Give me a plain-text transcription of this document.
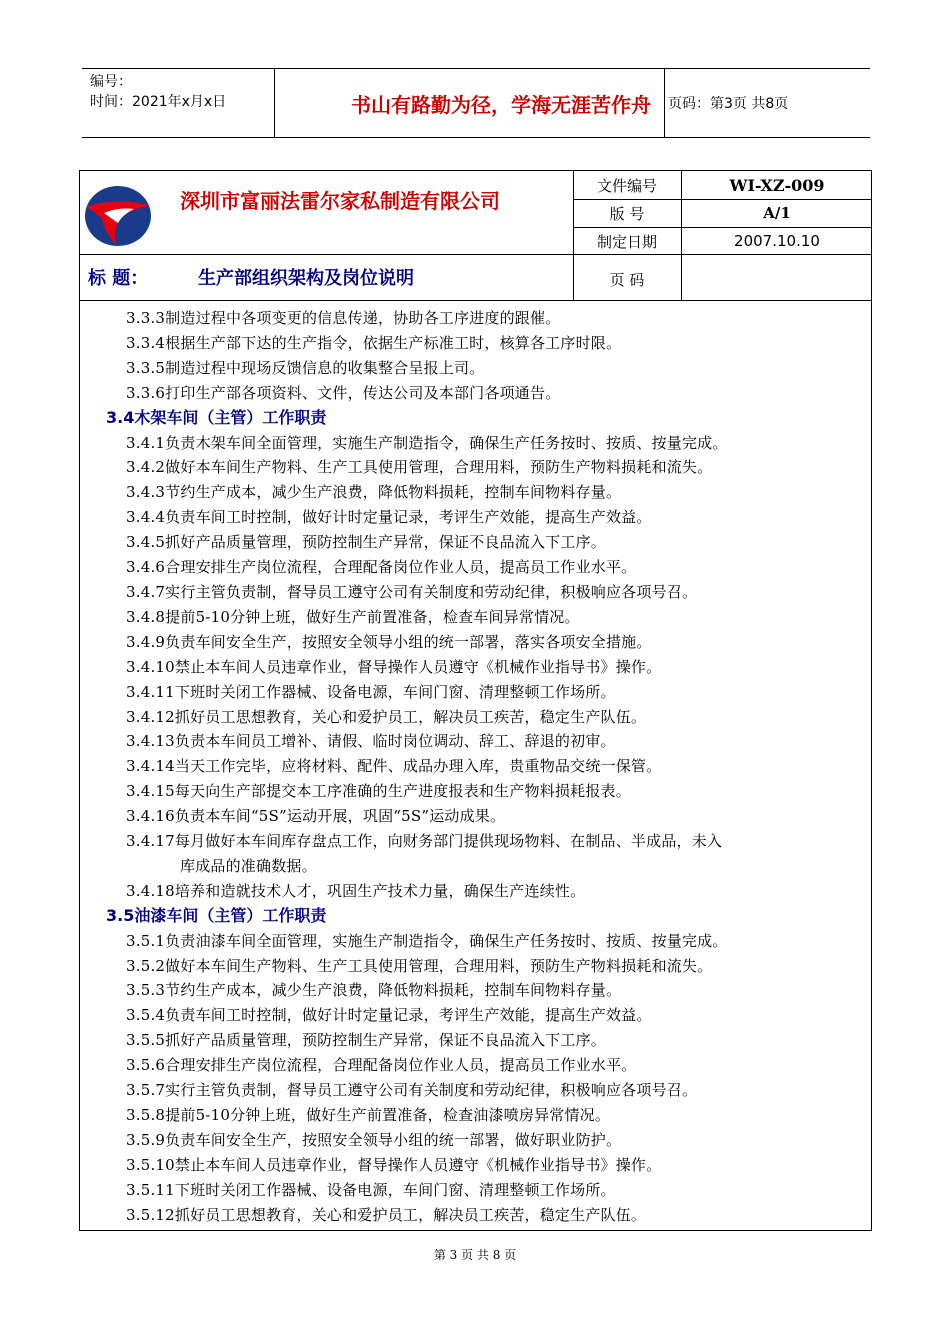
编号：
时间：2021年x月x日	书山有路勤为径，学海无涯苦作舟	页码：第3页 共8页
深圳市富丽法雷尔家私制造有限公司
文件编号	WI-XZ-009
版 号	A/1
制定日期	2007.10.10
标 题：	生产部组织架构及岗位说明	页 码
3.3.3制造过程中各项变更的信息传递，协助各工序进度的跟催。
3.3.4根据生产部下达的生产指令，依据生产标准工时，核算各工序时限。
3.3.5制造过程中现场反馈信息的收集整合呈报上司。
3.3.6打印生产部各项资料、文件，传达公司及本部门各项通告。
3.4木架车间（主管）工作职责
3.4.1负责木架车间全面管理，实施生产制造指令，确保生产任务按时、按质、按量完成。
3.4.2做好本车间生产物料、生产工具使用管理，合理用料，预防生产物料损耗和流失。
3.4.3节约生产成本，减少生产浪费，降低物料损耗，控制车间物料存量。
3.4.4负责车间工时控制，做好计时定量记录，考评生产效能，提高生产效益。
3.4.5抓好产品质量管理，预防控制生产异常，保证不良品流入下工序。
3.4.6合理安排生产岗位流程，合理配备岗位作业人员，提高员工作业水平。
3.4.7实行主管负责制，督导员工遵守公司有关制度和劳动纪律，积极响应各项号召。
3.4.8提前5-10分钟上班，做好生产前置准备，检查车间异常情况。
3.4.9负责车间安全生产，按照安全领导小组的统一部署，落实各项安全措施。
3.4.10禁止本车间人员违章作业，督导操作人员遵守《机械作业指导书》操作。
3.4.11下班时关闭工作器械、设备电源，车间门窗、清理整顿工作场所。
3.4.12抓好员工思想教育，关心和爱护员工，解决员工疾苦，稳定生产队伍。
3.4.13负责本车间员工增补、请假、临时岗位调动、辞工、辞退的初审。
3.4.14当天工作完毕，应将材料、配件、成品办理入库，贵重物品交统一保管。
3.4.15每天向生产部提交本工序准确的生产进度报表和生产物料损耗报表。
3.4.16负责本车间“5S”运动开展，巩固“5S”运动成果。
3.4.17每月做好本车间库存盘点工作，向财务部门提供现场物料、在制品、半成品，未入
库成品的准确数据。
3.4.18培养和造就技术人才，巩固生产技术力量，确保生产连续性。
3.5油漆车间（主管）工作职责
3.5.1负责油漆车间全面管理，实施生产制造指令，确保生产任务按时、按质、按量完成。
3.5.2做好本车间生产物料、生产工具使用管理，合理用料，预防生产物料损耗和流失。
3.5.3节约生产成本，减少生产浪费，降低物料损耗，控制车间物料存量。
3.5.4负责车间工时控制，做好计时定量记录，考评生产效能，提高生产效益。
3.5.5抓好产品质量管理，预防控制生产异常，保证不良品流入下工序。
3.5.6合理安排生产岗位流程，合理配备岗位作业人员，提高员工作业水平。
3.5.7实行主管负责制，督导员工遵守公司有关制度和劳动纪律，积极响应各项号召。
3.5.8提前5-10分钟上班，做好生产前置准备，检查油漆喷房异常情况。
3.5.9负责车间安全生产，按照安全领导小组的统一部署，做好职业防护。
3.5.10禁止本车间人员违章作业，督导操作人员遵守《机械作业指导书》操作。
3.5.11下班时关闭工作器械、设备电源，车间门窗、清理整顿工作场所。
3.5.12抓好员工思想教育，关心和爱护员工，解决员工疾苦，稳定生产队伍。
第 3 页 共 8 页
